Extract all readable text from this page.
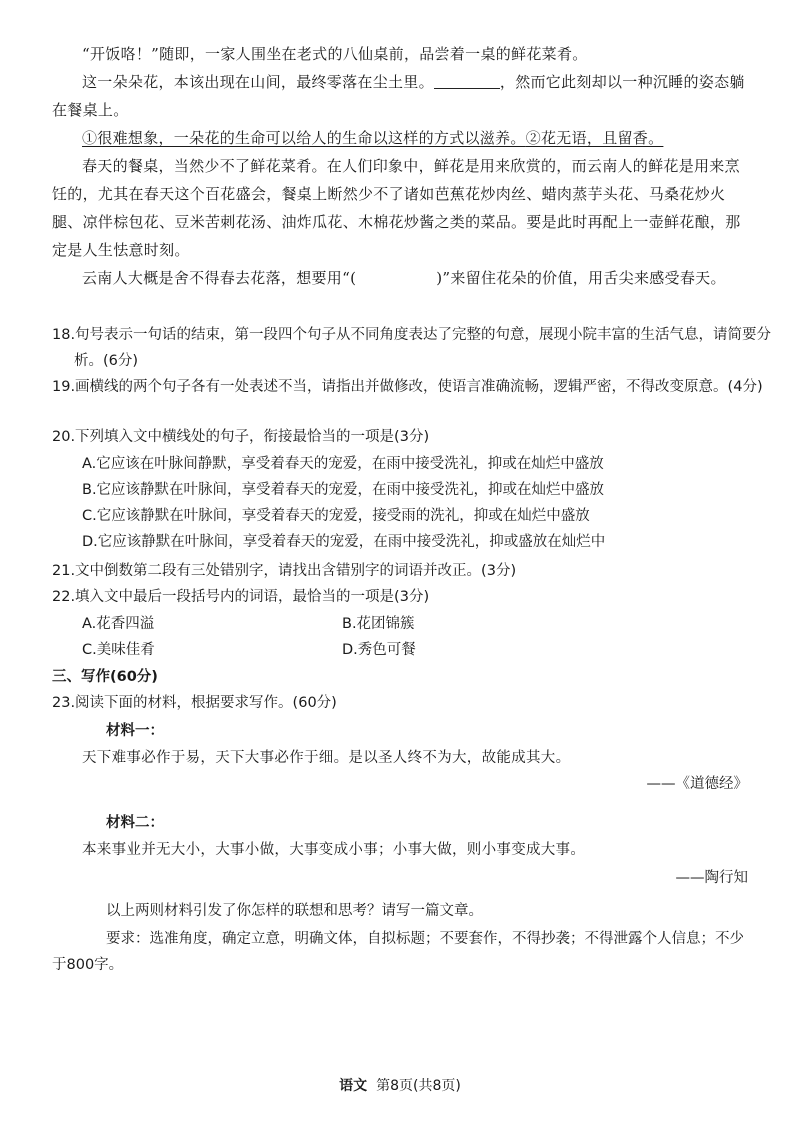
“开饭咯！”随即，一家人围坐在老式的八仙桌前，品尝着一桌的鲜花菜肴。

这一朵朵花，本该出现在山间，最终零落在尘土里。	，然而它此刻却以一种沉睡的姿态躺在餐桌上。

①很难想象，一朵花的生命可以给人的生命以这样的方式以滋养。②花无语，且留香。

春天的餐桌，当然少不了鲜花菜肴。在人们印象中，鲜花是用来欣赏的，而云南人的鲜花是用来烹饪的，尤其在春天这个百花盛会，餐桌上断然少不了诸如芭蕉花炒肉丝、蜡肉蒸芋头花、马桑花炒火腿、凉伴棕包花、豆米苦刺花汤、油炸瓜花、木棉花炒酱之类的菜品。要是此时再配上一壶鲜花酿，那定是人生怯意时刻。

云南人大概是舍不得春去花落，想要用“(	)”来留住花朵的价值，用舌尖来感受春天。

18.句号表示一句话的结束，第一段四个句子从不同角度表达了完整的句意，展现小院丰富的生活气息，请简要分析。(6分)
19.画横线的两个句子各有一处表述不当，请指出并做修改，使语言准确流畅，逻辑严密，不得改变原意。(4分)
20.下列填入文中横线处的句子，衔接最恰当的一项是(3分)
A.它应该在叶脉间静默，享受着春天的宠爱，在雨中接受洗礼，抑或在灿烂中盛放
B.它应该静默在叶脉间，享受着春天的宠爱，在雨中接受洗礼，抑或在灿烂中盛放
C.它应该静默在叶脉间，享受着春天的宠爱，接受雨的洗礼，抑或在灿烂中盛放
D.它应该静默在叶脉间，享受着春天的宠爱，在雨中接受洗礼，抑或盛放在灿烂中
21.文中倒数第二段有三处错别字，请找出含错别字的词语并改正。(3分)
22.填入文中最后一段括号内的词语，最恰当的一项是(3分)
A.花香四溢	B.花团锦簇
C.美味佳肴	D.秀色可餐
三、写作(60分)
23.阅读下面的材料，根据要求写作。(60分)
材料一：
天下难事必作于易，天下大事必作于细。是以圣人终不为大，故能成其大。
——《道德经》
材料二：
本来事业并无大小，大事小做，大事变成小事；小事大做，则小事变成大事。
——陶行知
以上两则材料引发了你怎样的联想和思考？请写一篇文章。
要求：选准角度，确定立意，明确文体，自拟标题；不要套作，不得抄袭；不得泄露个人信息；不少于800字。
语文 第8页(共8页)
